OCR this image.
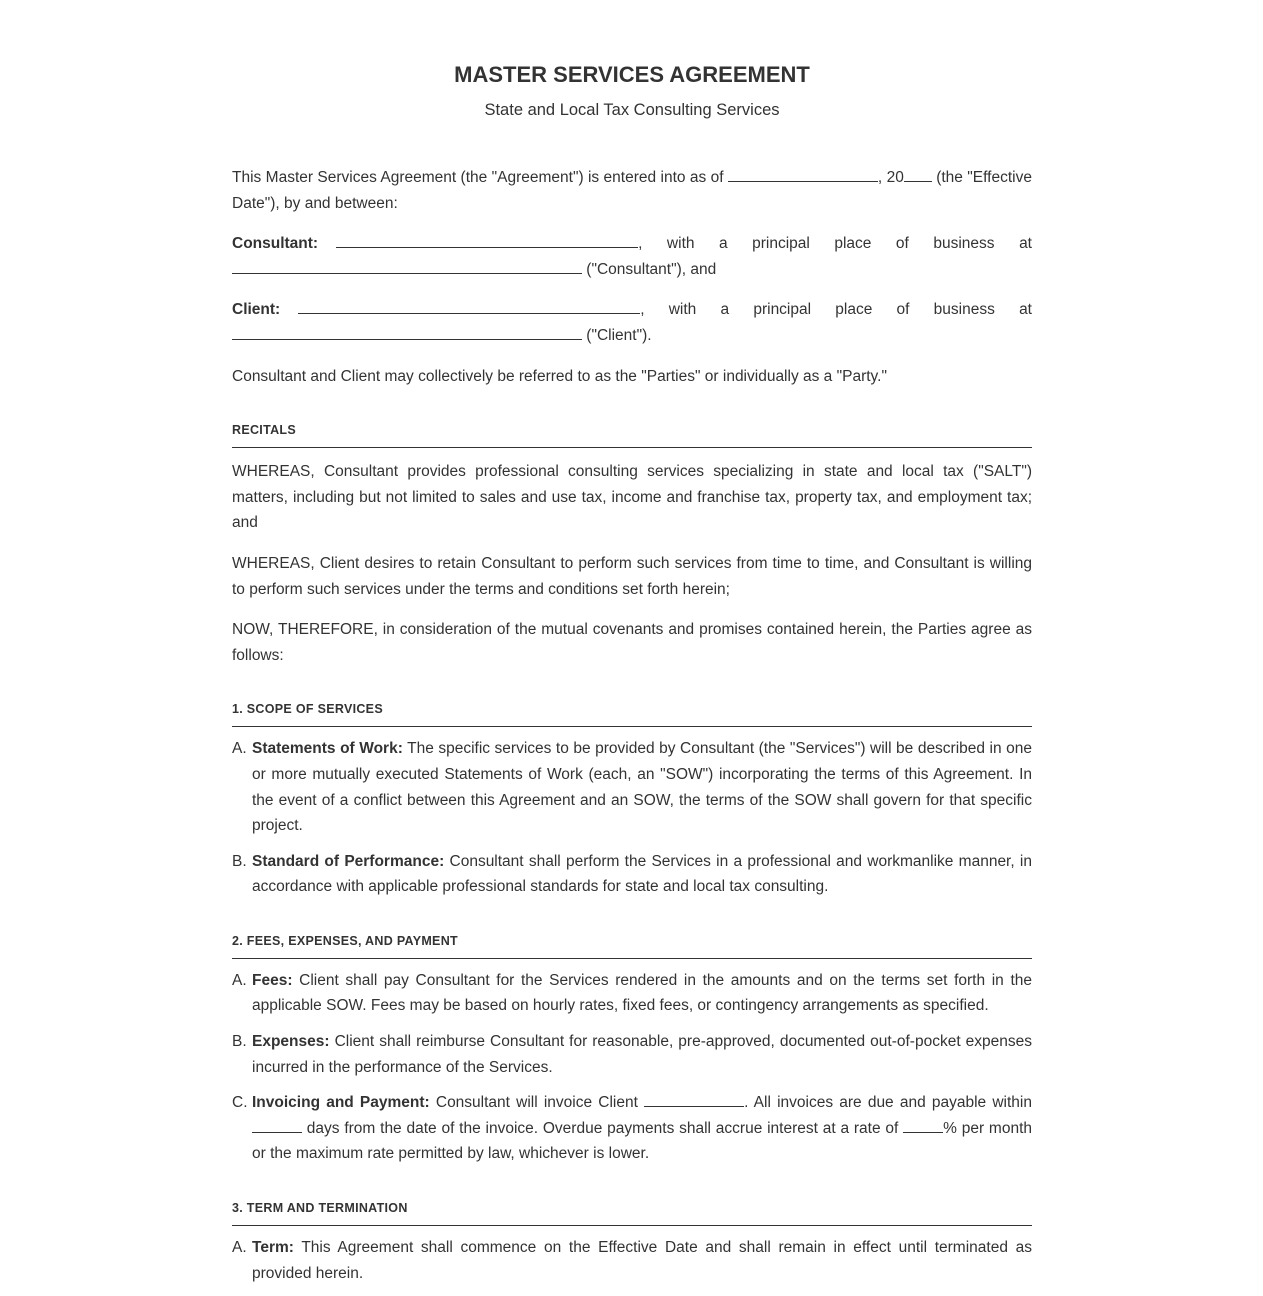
MASTER SERVICES AGREEMENT
State and Local Tax Consulting Services

This Master Services Agreement (the "Agreement") is entered into as of	, 20 (the "Effective Date"), by and between:

Consultant:	, with a principal place of business at  ("Consultant"), and

Client:	, with a principal place of business at  ("Client").

Consultant and Client may collectively be referred to as the "Parties" or individually as a "Party."

RECITALS

WHEREAS, Consultant provides professional consulting services specializing in state and local tax ("SALT") matters, including but not limited to sales and use tax, income and franchise tax, property tax, and employment tax; and

WHEREAS, Client desires to retain Consultant to perform such services from time to time, and Consultant is willing to perform such services under the terms and conditions set forth herein;

NOW, THEREFORE, in consideration of the mutual covenants and promises contained herein, the Parties agree as follows:

1. SCOPE OF SERVICES

A. Statements of Work: The specific services to be provided by Consultant (the "Services") will be described in one or more mutually executed Statements of Work (each, an "SOW") incorporating the terms of this Agreement. In the event of a conflict between this Agreement and an SOW, the terms of the SOW shall govern for that specific project.

B. Standard of Performance: Consultant shall perform the Services in a professional and workmanlike manner, in accordance with applicable professional standards for state and local tax consulting.

2. FEES, EXPENSES, AND PAYMENT

A. Fees: Client shall pay Consultant for the Services rendered in the amounts and on the terms set forth in the applicable SOW. Fees may be based on hourly rates, fixed fees, or contingency arrangements as specified.

B. Expenses: Client shall reimburse Consultant for reasonable, pre-approved, documented out-of-pocket expenses incurred in the performance of the Services.

C. Invoicing and Payment: Consultant will invoice Client	. All invoices are due and payable within  days from the date of the invoice. Overdue payments shall accrue interest at a rate of	% per month or the maximum rate permitted by law, whichever is lower.

3. TERM AND TERMINATION

A. Term: This Agreement shall commence on the Effective Date and shall remain in effect until terminated as provided herein.
